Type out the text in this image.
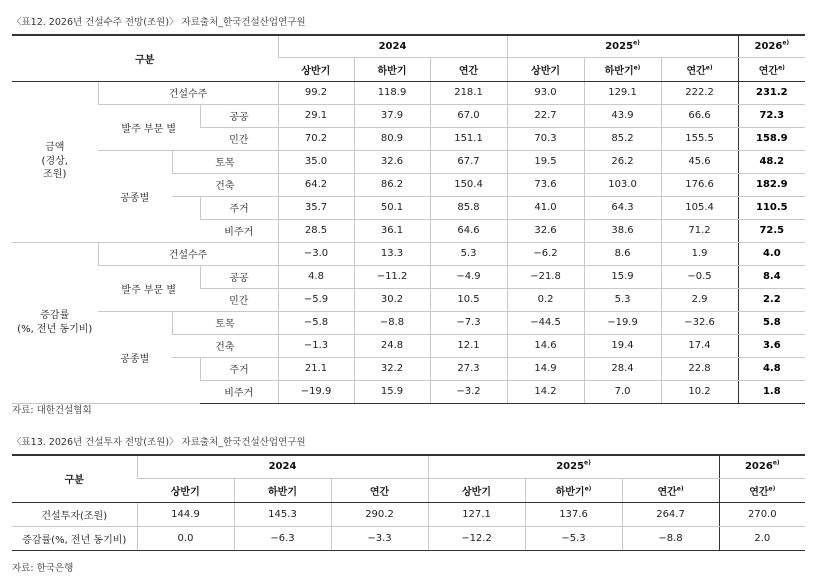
〈표12. 2026년 건설수주 전망(조원)〉 자료출처_한국건설산업연구원
구분				2024			2025$^{e)}$			2026$^{e)}$
				상반기	하반기	연간	상반기	하반기$^{e)}$	연간$^{e)}$	연간$^{e)}$
금액
(경상,
조원)	건설수주			99.2	118.9	218.1	93.0	129.1	222.2	231.2
	발주 부문 별		공공	29.1	37.9	67.0	22.7	43.9	66.6	72.3
			민간	70.2	80.9	151.1	70.3	85.2	155.5	158.9
	공종별	토목		35.0	32.6	67.7	19.5	26.2	45.6	48.2
		건축		64.2	86.2	150.4	73.6	103.0	176.6	182.9
			주거	35.7	50.1	85.8	41.0	64.3	105.4	110.5
			비주거	28.5	36.1	64.6	32.6	38.6	71.2	72.5
증감률
(%, 전년 동기비)	건설수주			−3.0	13.3	5.3	−6.2	8.6	1.9	4.0
	발주 부문 별		공공	4.8	−11.2	−4.9	−21.8	15.9	−0.5	8.4
			민간	−5.9	30.2	10.5	0.2	5.3	2.9	2.2
	공종별	토목		−5.8	−8.8	−7.3	−44.5	−19.9	−32.6	5.8
		건축		−1.3	24.8	12.1	14.6	19.4	17.4	3.6
			주거	21.1	32.2	27.3	14.9	28.4	22.8	4.8
			비주거	−19.9	15.9	−3.2	14.2	7.0	10.2	1.8
자료: 대한건설협회
〈표13. 2026년 건설투자 전망(조원)〉 자료출처_한국건설산업연구원
구분	2024			2025$^{e)}$			2026$^{e)}$
	상반기	하반기	연간	상반기	하반기$^{e)}$	연간$^{e)}$	연간$^{e)}$
건설투자(조원)	144.9	145.3	290.2	127.1	137.6	264.7	270.0
증감률(%, 전년 동기비)	0.0	−6.3	−3.3	−12.2	−5.3	−8.8	2.0
자료: 한국은행
